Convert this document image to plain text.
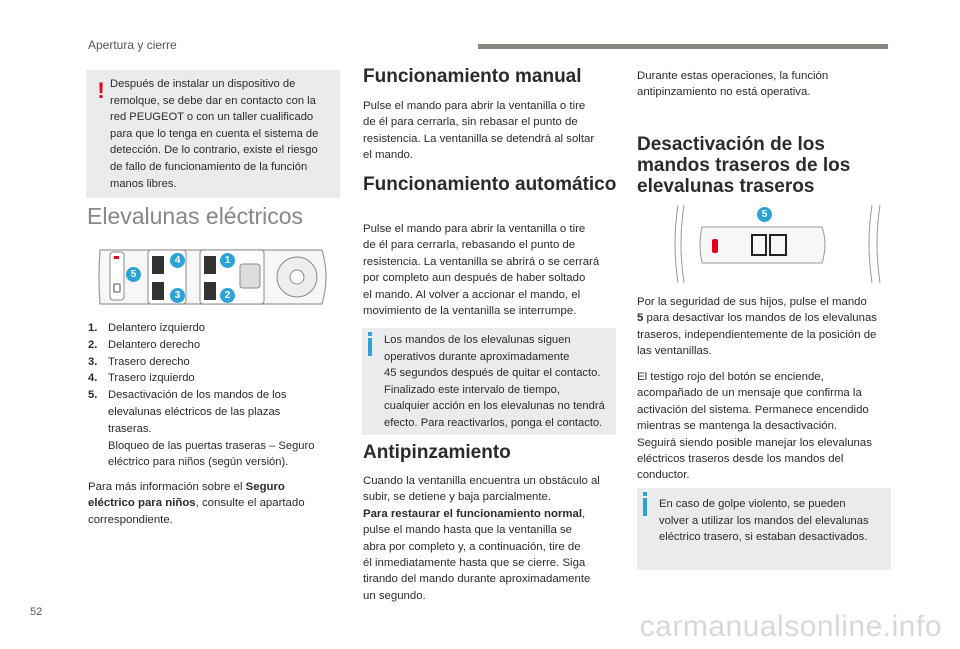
Apertura y cierre
! Después de instalar un dispositivo de
remolque, se debe dar en contacto con la
red PEUGEOT o con un taller cualificado
para que lo tenga en cuenta el sistema de
detección. De lo contrario, existe el riesgo
de fallo de funcionamiento de la función
manos libres.
Elevalunas eléctricos
5
4	1
3	2
1. Delantero izquierdo
2. Delantero derecho
3. Trasero derecho
4. Trasero izquierdo
5. Desactivación de los mandos de los
elevalunas eléctricos de las plazas
traseras.
Bloqueo de las puertas traseras – Seguro
eléctrico para niños (según versión).
Para más información sobre el Seguro
eléctrico para niños, consulte el apartado
correspondiente.
Funcionamiento manual
Pulse el mando para abrir la ventanilla o tire
de él para cerrarla, sin rebasar el punto de
resistencia. La ventanilla se detendrá al soltar
el mando.
Funcionamiento automático
Pulse el mando para abrir la ventanilla o tire
de él para cerrarla, rebasando el punto de
resistencia. La ventanilla se abrirá o se cerrará
por completo aun después de haber soltado
el mando. Al volver a accionar el mando, el
movimiento de la ventanilla se interrumpe.
Los mandos de los elevalunas siguen
operativos durante aproximadamente
45 segundos después de quitar el contacto.
Finalizado este intervalo de tiempo,
cualquier acción en los elevalunas no tendrá
efecto. Para reactivarlos, ponga el contacto.
Antipinzamiento
Cuando la ventanilla encuentra un obstáculo al
subir, se detiene y baja parcialmente.
Para restaurar el funcionamiento normal,
pulse el mando hasta que la ventanilla se
abra por completo y, a continuación, tire de
él inmediatamente hasta que se cierre. Siga
tirando del mando durante aproximadamente
un segundo.
Durante estas operaciones, la función
antipinzamiento no está operativa.
Desactivación de los
mandos traseros de los
elevalunas traseros
5
Por la seguridad de sus hijos, pulse el mando
5 para desactivar los mandos de los elevalunas
traseros, independientemente de la posición de
las ventanillas.
El testigo rojo del botón se enciende,
acompañado de un mensaje que confirma la
activación del sistema. Permanece encendido
mientras se mantenga la desactivación.
Seguirá siendo posible manejar los elevalunas
eléctricos traseros desde los mandos del
conductor.
En caso de golpe violento, se pueden
volver a utilizar los mandos del elevalunas
eléctrico trasero, si estaban desactivados.
52	carmanualsonline.info
